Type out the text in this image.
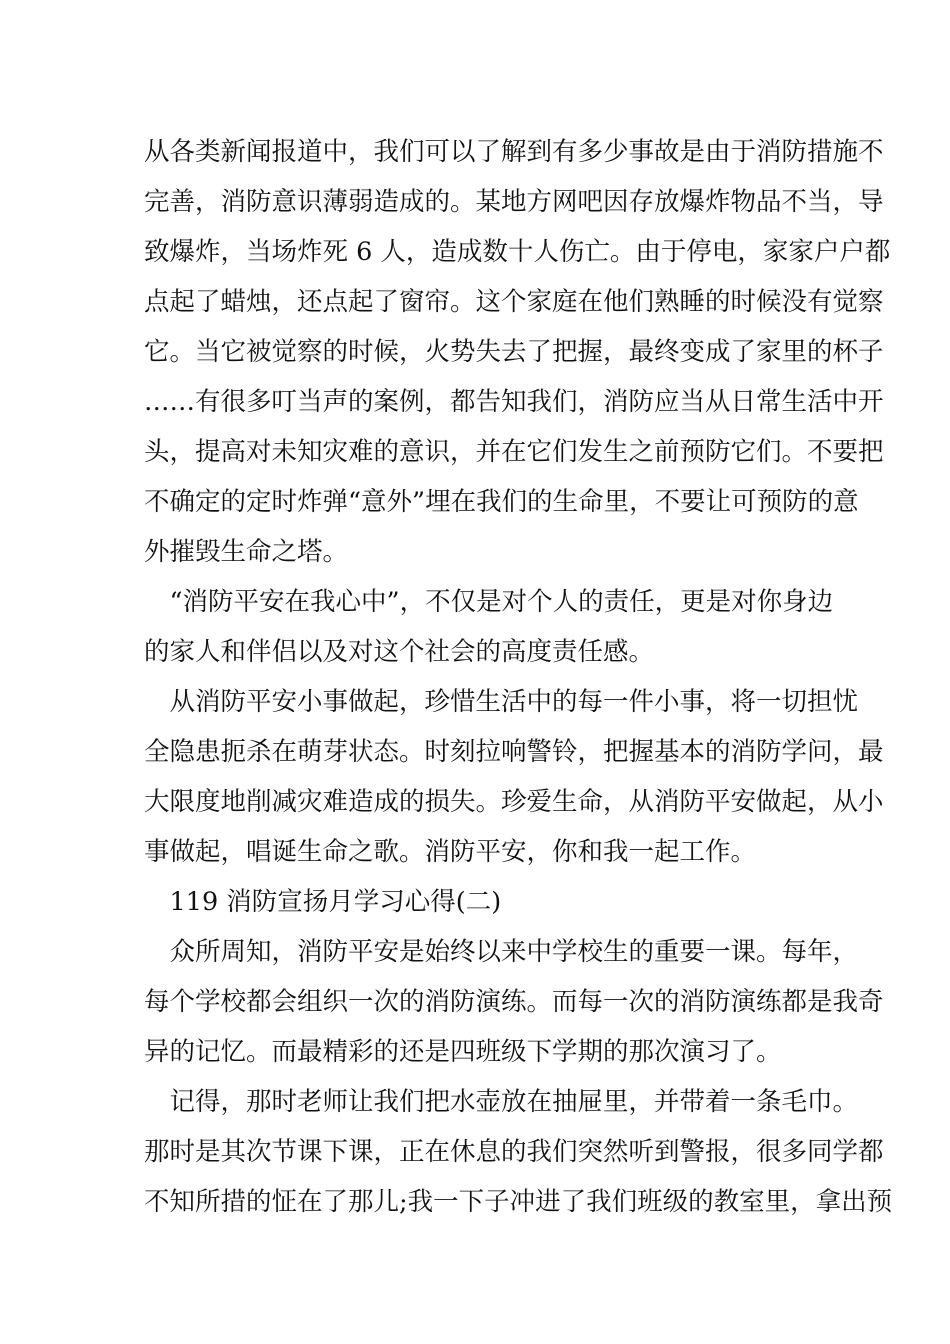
从各类新闻报道中，我们可以了解到有多少事故是由于消防措施不
完善，消防意识薄弱造成的。某地方网吧因存放爆炸物品不当，导
致爆炸，当场炸死 6 人，造成数十人伤亡。由于停电，家家户户都
点起了蜡烛，还点起了窗帘。这个家庭在他们熟睡的时候没有觉察
它。当它被觉察的时候，火势失去了把握，最终变成了家里的杯子
……有很多叮当声的案例，都告知我们，消防应当从日常生活中开
头，提高对未知灾难的意识，并在它们发生之前预防它们。不要把
不确定的定时炸弹“意外”埋在我们的生命里，不要让可预防的意
外摧毁生命之塔。
　“消防平安在我心中”，不仅是对个人的责任，更是对你身边
的家人和伴侣以及对这个社会的高度责任感。
　从消防平安小事做起，珍惜生活中的每一件小事，将一切担忧
全隐患扼杀在萌芽状态。时刻拉响警铃，把握基本的消防学问，最
大限度地削减灾难造成的损失。珍爱生命，从消防平安做起，从小
事做起，唱诞生命之歌。消防平安，你和我一起工作。
　119 消防宣扬月学习心得(二)
　众所周知，消防平安是始终以来中学校生的重要一课。每年，
每个学校都会组织一次的消防演练。而每一次的消防演练都是我奇
异的记忆。而最精彩的还是四班级下学期的那次演习了。
　记得，那时老师让我们把水壶放在抽屉里，并带着一条毛巾。
那时是其次节课下课，正在休息的我们突然听到警报，很多同学都
不知所措的怔在了那儿;我一下子冲进了我们班级的教室里，拿出预
